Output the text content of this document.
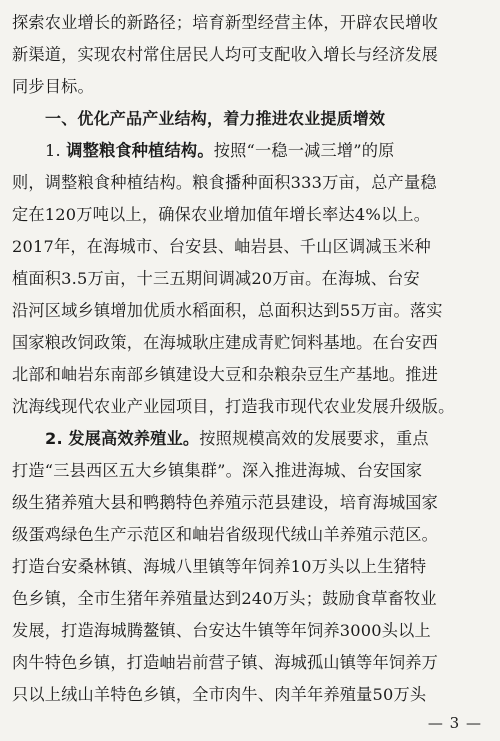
探索农业增长的新路径；培育新型经营主体，开辟农民增收
新渠道，实现农村常住居民人均可支配收入增长与经济发展
同步目标。
一、优化产品产业结构，着力推进农业提质增效
1. 调整粮食种植结构。按照“一稳一减三增”的原
则，调整粮食种植结构。粮食播种面积333万亩，总产量稳
定在120万吨以上，确保农业增加值年增长率达4%以上。
2017年，在海城市、台安县、岫岩县、千山区调减玉米种
植面积3.5万亩，十三五期间调减20万亩。在海城、台安
沿河区域乡镇增加优质水稻面积，总面积达到55万亩。落实
国家粮改饲政策，在海城耿庄建成青贮饲料基地。在台安西
北部和岫岩东南部乡镇建设大豆和杂粮杂豆生产基地。推进
沈海线现代农业产业园项目，打造我市现代农业发展升级版。
2. 发展高效养殖业。按照规模高效的发展要求，重点
打造“三县西区五大乡镇集群”。深入推进海城、台安国家
级生猪养殖大县和鸭鹅特色养殖示范县建设，培育海城国家
级蛋鸡绿色生产示范区和岫岩省级现代绒山羊养殖示范区。
打造台安桑林镇、海城八里镇等年饲养10万头以上生猪特
色乡镇，全市生猪年养殖量达到240万头；鼓励食草畜牧业
发展，打造海城腾鳌镇、台安达牛镇等年饲养3000头以上
肉牛特色乡镇，打造岫岩前营子镇、海城孤山镇等年饲养万
只以上绒山羊特色乡镇，全市肉牛、肉羊年养殖量50万头
— 3 —
